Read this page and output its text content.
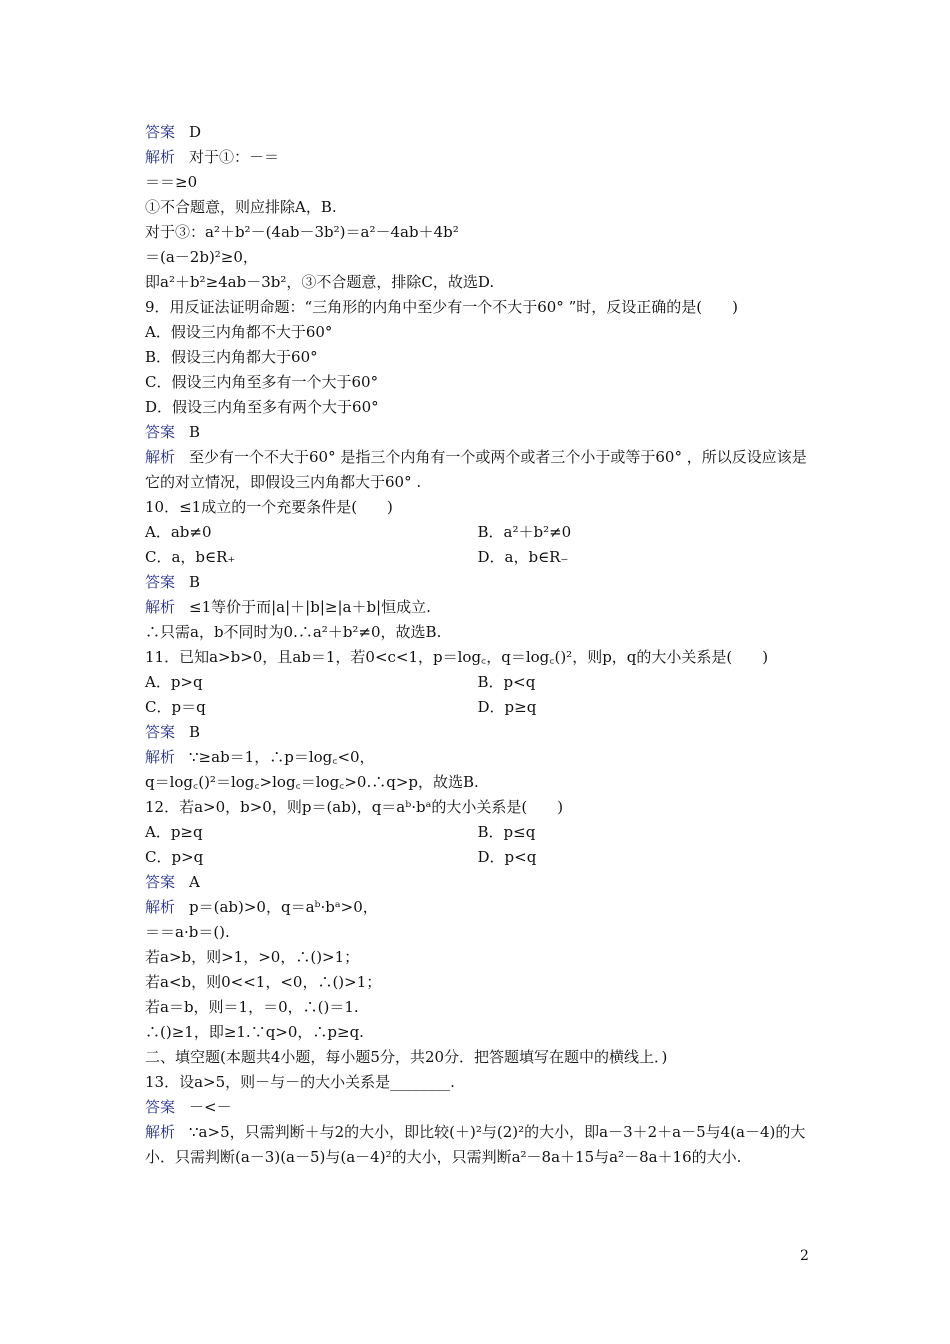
答案 D
解析 对于①：－＝
＝＝≥0
①不合题意，则应排除A，B.
对于③：a²＋b²－(4ab－3b²)＝a²－4ab＋4b²
＝(a－2b)²≥0，
即a²＋b²≥4ab－3b²，③不合题意，排除C，故选D.
9．用反证法证明命题：“三角形的内角中至少有一个不大于60° ”时，反设正确的是(　　)
A．假设三内角都不大于60°
B．假设三内角都大于60°
C．假设三内角至多有一个大于60°
D．假设三内角至多有两个大于60°
答案 B
解析 至少有一个不大于60° 是指三个内角有一个或两个或者三个小于或等于60° ，所以反设应该是它的对立情况，即假设三内角都大于60° .
10．≤1成立的一个充要条件是(　　)
A．ab≠0	B．a²＋b²≠0
C．a，b∈R₊	D．a，b∈R₋
答案 B
解析 ≤1等价于而|a|＋|b|≥|a＋b|恒成立.
∴只需a，b不同时为0.∴a²＋b²≠0，故选B.
11．已知a>b>0，且ab＝1，若0<c<1，p＝log꜀，q＝log꜀()²，则p，q的大小关系是(　　)
A．p>q	B．p<q
C．p＝q	D．p≥q
答案 B
解析 ∵≥ab＝1，∴p＝log꜀<0，
q＝log꜀()²＝log꜀>log꜀＝log꜀>0.∴q>p，故选B.
12．若a>0，b>0，则p＝(ab)，q＝aᵇ·bᵃ的大小关系是(　　)
A．p≥q	B．p≤q
C．p>q	D．p<q
答案 A
解析 p＝(ab)>0，q＝aᵇ·bᵃ>0，
＝＝a·b＝().
若a>b，则>1，>0，∴()>1；
若a<b，则0<<1，<0，∴()>1；
若a＝b，则＝1，＝0，∴()＝1.
∴()≥1，即≥1.∵q>0，∴p≥q.
二、填空题(本题共4小题，每小题5分，共20分．把答题填写在题中的横线上．)
13．设a>5，则－与－的大小关系是________.
答案 －<－
解析 ∵a>5，只需判断＋与2的大小，即比较(＋)²与(2)²的大小，即a－3＋2＋a－5与4(a－4)的大小．只需判断(a－3)(a－5)与(a－4)²的大小，只需判断a²－8a＋15与a²－8a＋16的大小.
2
